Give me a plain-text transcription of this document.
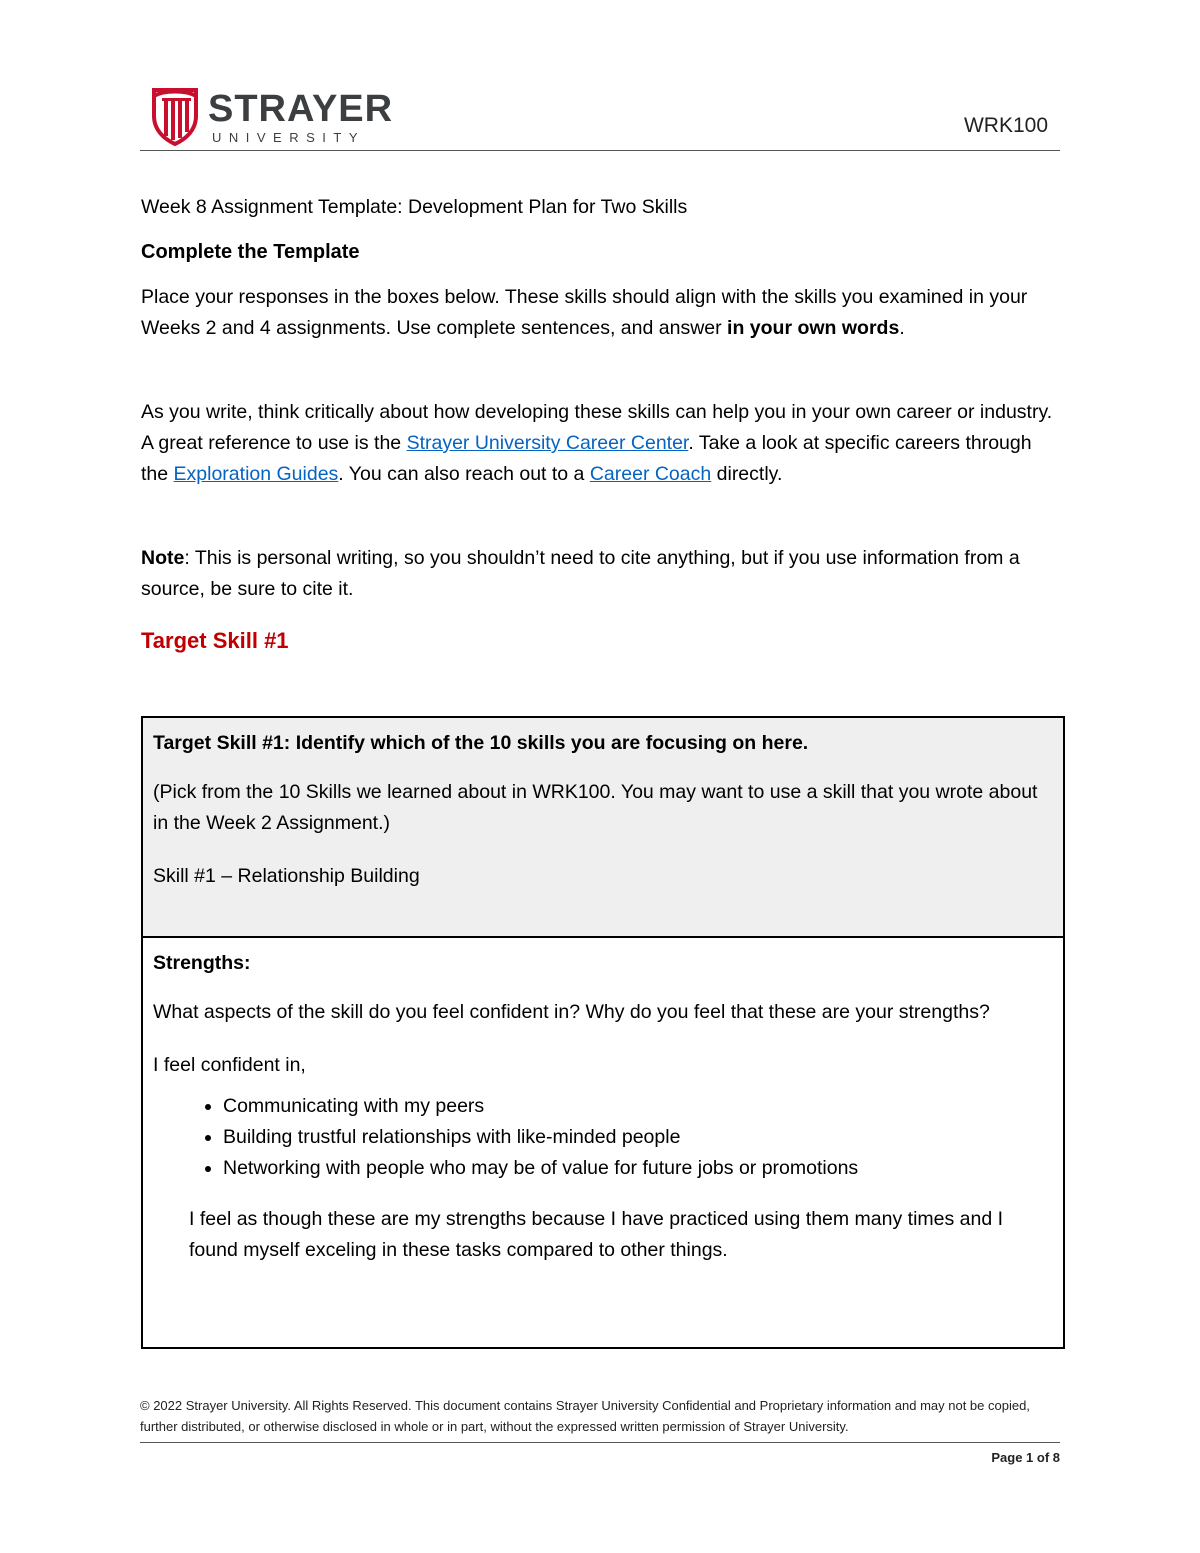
STRAYER
UNIVERSITY
WRK100

Week 8 Assignment Template: Development Plan for Two Skills

Complete the Template

Place your responses in the boxes below. These skills should align with the skills you examined in your Weeks 2 and 4 assignments. Use complete sentences, and answer in your own words.

As you write, think critically about how developing these skills can help you in your own career or industry. A great reference to use is the Strayer University Career Center. Take a look at specific careers through the Exploration Guides. You can also reach out to a Career Coach directly.

Note: This is personal writing, so you shouldn’t need to cite anything, but if you use information from a source, be sure to cite it.

Target Skill #1

Target Skill #1: Identify which of the 10 skills you are focusing on here.

(Pick from the 10 Skills we learned about in WRK100. You may want to use a skill that you wrote about in the Week 2 Assignment.)

Skill #1 – Relationship Building

Strengths:

What aspects of the skill do you feel confident in? Why do you feel that these are your strengths?

I feel confident in,

• Communicating with my peers
• Building trustful relationships with like-minded people
• Networking with people who may be of value for future jobs or promotions

I feel as though these are my strengths because I have practiced using them many times and I found myself exceling in these tasks compared to other things.

© 2022 Strayer University. All Rights Reserved. This document contains Strayer University Confidential and Proprietary information and may not be copied, further distributed, or otherwise disclosed in whole or in part, without the expressed written permission of Strayer University.
Page 1 of 8
